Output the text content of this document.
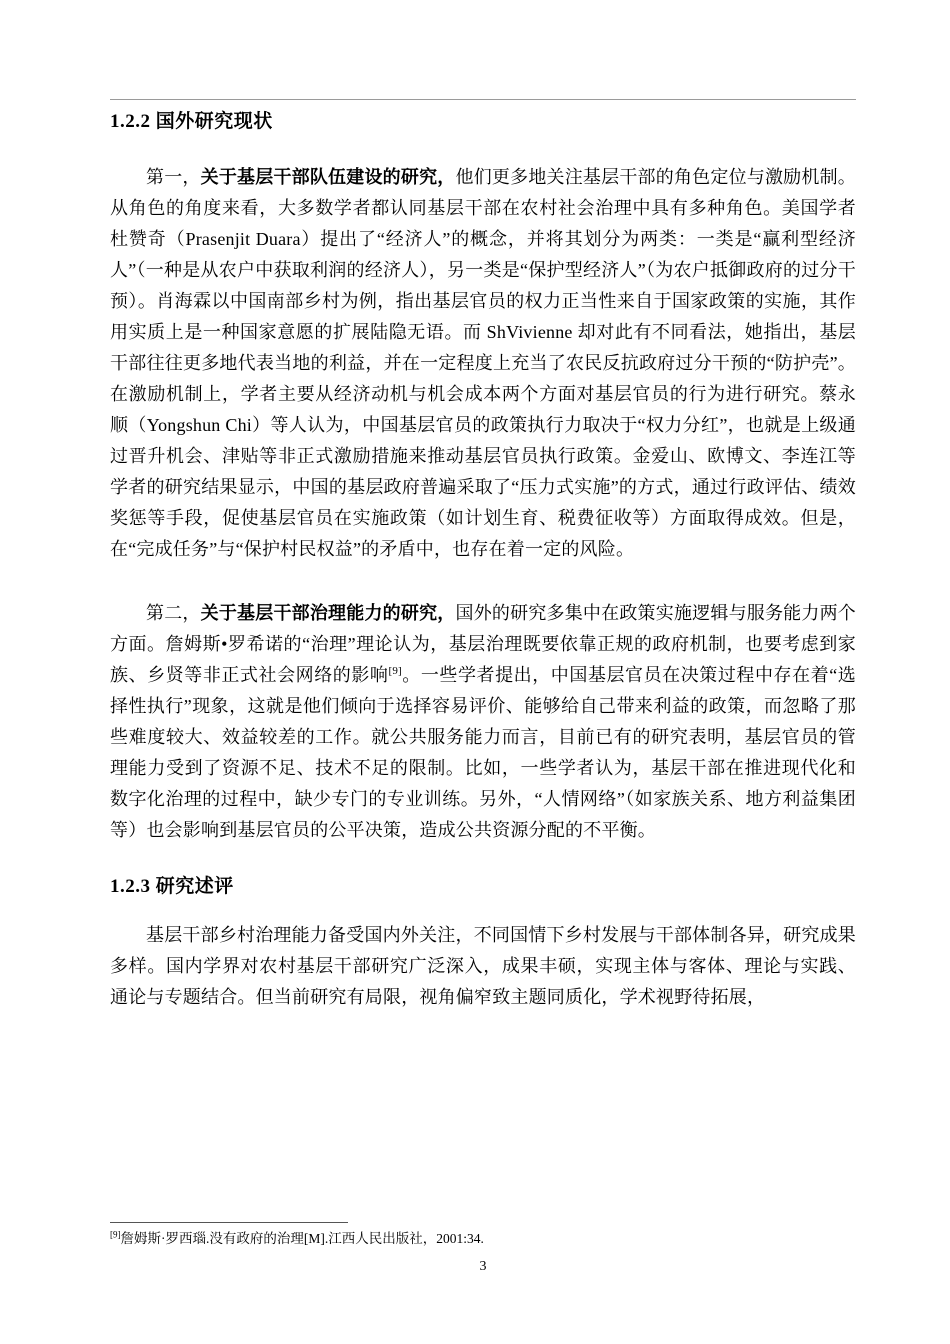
1.2.2 国外研究现状

第一，关于基层干部队伍建设的研究，他们更多地关注基层干部的角色定位与激励机制。从角色的角度来看，大多数学者都认同基层干部在农村社会治理中具有多种角色。美国学者杜赞奇（Prasenjit Duara）提出了“经济人”的概念，并将其划分为两类：一类是“赢利型经济人”（一种是从农户中获取利润的经济人），另一类是“保护型经济人”（为农户抵御政府的过分干预）。肖海霖以中国南部乡村为例，指出基层官员的权力正当性来自于国家政策的实施，其作用实质上是一种国家意愿的扩展陆隐无语。而 ShVivienne 却对此有不同看法，她指出，基层干部往往更多地代表当地的利益，并在一定程度上充当了农民反抗政府过分干预的“防护壳”。在激励机制上，学者主要从经济动机与机会成本两个方面对基层官员的行为进行研究。蔡永顺（Yongshun Chi）等人认为，中国基层官员的政策执行力取决于“权力分红”，也就是上级通过晋升机会、津贴等非正式激励措施来推动基层官员执行政策。金爱山、欧博文、李连江等学者的研究结果显示，中国的基层政府普遍采取了“压力式实施”的方式，通过行政评估、绩效奖惩等手段，促使基层官员在实施政策（如计划生育、税费征收等）方面取得成效。但是，在“完成任务”与“保护村民权益”的矛盾中，也存在着一定的风险。

第二，关于基层干部治理能力的研究，国外的研究多集中在政策实施逻辑与服务能力两个方面。詹姆斯•罗希诺的“治理”理论认为，基层治理既要依靠正规的政府机制，也要考虑到家族、乡贤等非正式社会网络的影响[9]。一些学者提出，中国基层官员在决策过程中存在着“选择性执行”现象，这就是他们倾向于选择容易评价、能够给自己带来利益的政策，而忽略了那些难度较大、效益较差的工作。就公共服务能力而言，目前已有的研究表明，基层官员的管理能力受到了资源不足、技术不足的限制。比如，一些学者认为，基层干部在推进现代化和数字化治理的过程中，缺少专门的专业训练。另外，“人情网络”（如家族关系、地方利益集团等）也会影响到基层官员的公平决策，造成公共资源分配的不平衡。

1.2.3 研究述评

基层干部乡村治理能力备受国内外关注，不同国情下乡村发展与干部体制各异，研究成果多样。国内学界对农村基层干部研究广泛深入，成果丰硕，实现主体与客体、理论与实践、通论与专题结合。但当前研究有局限，视角偏窄致主题同质化，学术视野待拓展，

[9]詹姆斯·罗西瑙.没有政府的治理[M].江西人民出版社，2001:34.

3
